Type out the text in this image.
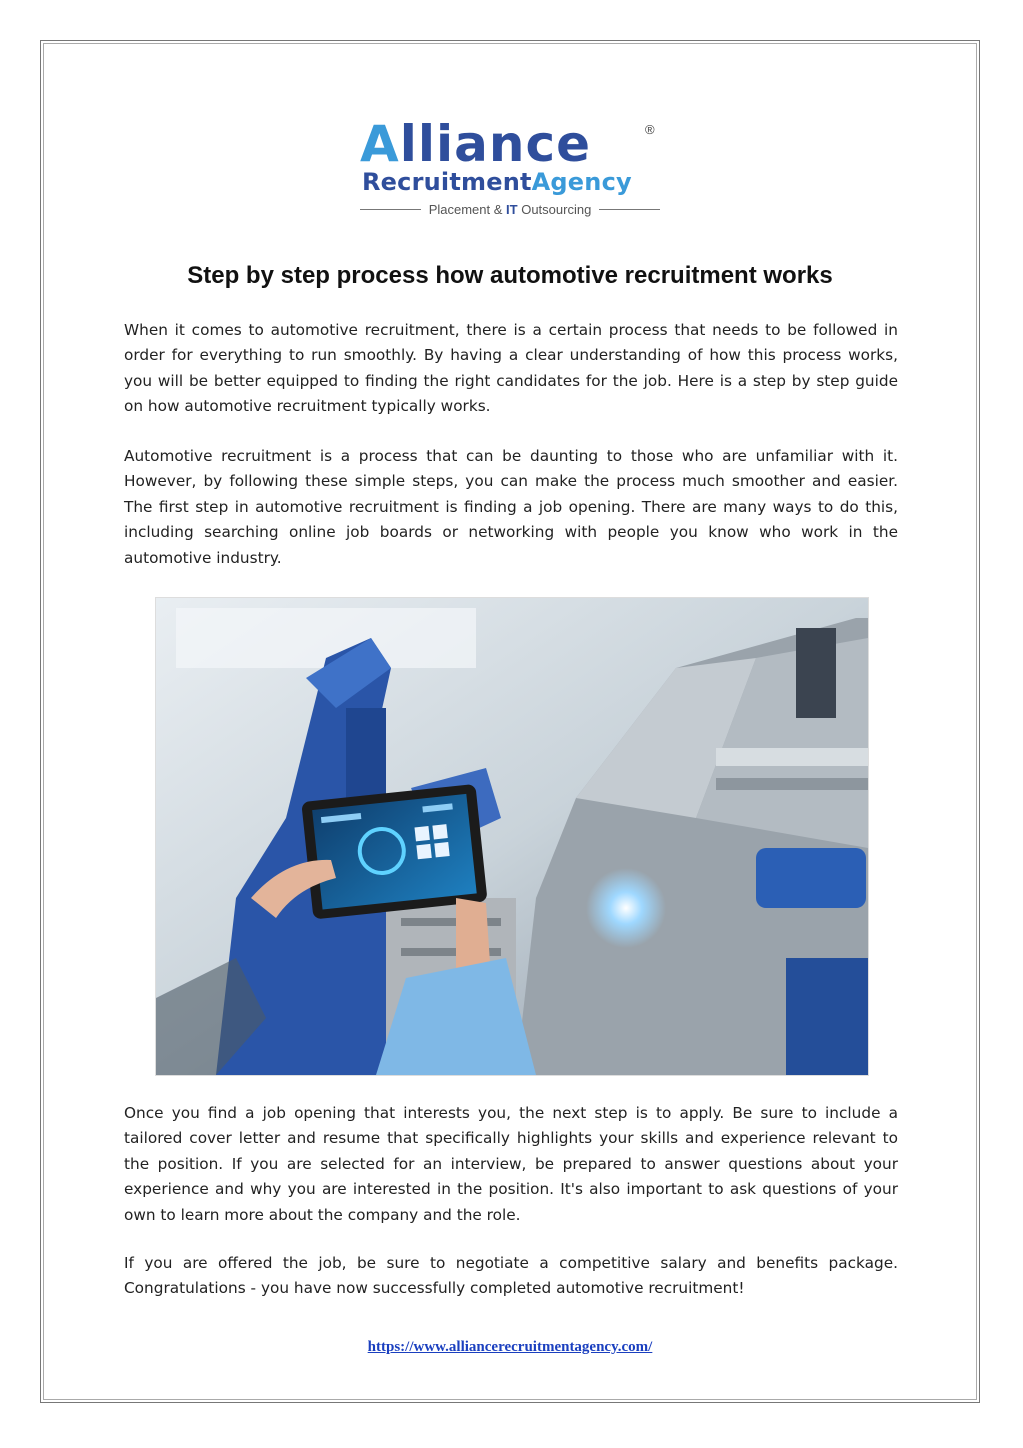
Alliance	®
RecruitmentAgency
Placement & IT Outsourcing
Step by step process how automotive recruitment works

When it comes to automotive recruitment, there is a certain process that needs to be followed in order for everything to run smoothly. By having a clear understanding of how this process works, you will be better equipped to finding the right candidates for the job. Here is a step by step guide on how automotive recruitment typically works.

Automotive recruitment is a process that can be daunting to those who are unfamiliar with it. However, by following these simple steps, you can make the process much smoother and easier. The first step in automotive recruitment is finding a job opening. There are many ways to do this, including searching online job boards or networking with people you know who work in the automotive industry.

Once you find a job opening that interests you, the next step is to apply. Be sure to include a tailored cover letter and resume that specifically highlights your skills and experience relevant to the position. If you are selected for an interview, be prepared to answer questions about your experience and why you are interested in the position. It's also important to ask questions of your own to learn more about the company and the role.

If you are offered the job, be sure to negotiate a competitive salary and benefits package. Congratulations - you have now successfully completed automotive recruitment!

https://www.alliancerecruitmentagency.com/
